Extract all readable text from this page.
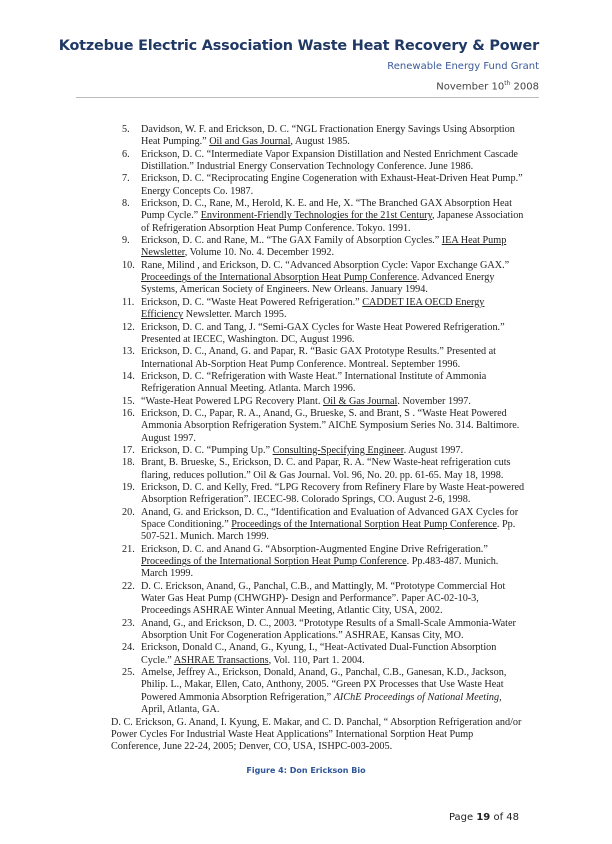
Kotzebue Electric Association Waste Heat Recovery & Power
Renewable Energy Fund Grant
November 10th 2008
5. Davidson, W. F. and Erickson, D. C. “NGL Fractionation Energy Savings Using Absorption Heat Pumping.” Oil and Gas Journal, August 1985.
6. Erickson, D. C. “Intermediate Vapor Expansion Distillation and Nested Enrichment Cascade Distillation.” Industrial Energy Conservation Technology Conference. June 1986.
7. Erickson, D. C. “Reciprocating Engine Cogeneration with Exhaust-Heat-Driven Heat Pump.” Energy Concepts Co. 1987.
8. Erickson, D. C., Rane, M., Herold, K. E. and He, X. “The Branched GAX Absorption Heat Pump Cycle.” Environment-Friendly Technologies for the 21st Century, Japanese Association of Refrigeration Absorption Heat Pump Conference. Tokyo. 1991.
9. Erickson, D. C. and Rane, M.. “The GAX Family of Absorption Cycles.” IEA Heat Pump Newsletter, Volume 10. No. 4. December 1992.
10. Rane, Milind , and Erickson, D. C. “Advanced Absorption Cycle: Vapor Exchange GAX.” Proceedings of the International Absorption Heat Pump Conference. Advanced Energy Systems, American Society of Engineers. New Orleans. January 1994.
11. Erickson, D. C. “Waste Heat Powered Refrigeration.” CADDET IEA OECD Energy Efficiency Newsletter. March 1995.
12. Erickson, D. C. and Tang, J. “Semi-GAX Cycles for Waste Heat Powered Refrigeration.” Presented at IECEC, Washington. DC, August 1996.
13. Erickson, D. C., Anand, G. and Papar, R. “Basic GAX Prototype Results.” Presented at International Ab-Sorption Heat Pump Conference. Montreal. September 1996.
14. Erickson, D. C. “Refrigeration with Waste Heat.” International Institute of Ammonia Refrigeration Annual Meeting. Atlanta. March 1996.
15. “Waste-Heat Powered LPG Recovery Plant. Oil & Gas Journal. November 1997.
16. Erickson, D. C., Papar, R. A., Anand, G., Brueske, S. and Brant, S . “Waste Heat Powered Ammonia Absorption Refrigeration System.” AIChE Symposium Series No. 314. Baltimore. August 1997.
17. Erickson, D. C. “Pumping Up.” Consulting-Specifying Engineer. August 1997.
18. Brant, B. Brueske, S., Erickson, D. C. and Papar, R. A. “New Waste-heat refrigeration cuts flaring, reduces pollution.” Oil & Gas Journal. Vol. 96, No. 20. pp. 61-65. May 18, 1998.
19. Erickson, D. C. and Kelly, Fred. “LPG Recovery from Refinery Flare by Waste Heat-powered Absorption Refrigeration”. IECEC-98. Colorado Springs, CO. August 2-6, 1998.
20. Anand, G. and Erickson, D. C., “Identification and Evaluation of Advanced GAX Cycles for Space Conditioning.” Proceedings of the International Sorption Heat Pump Conference. Pp. 507-521. Munich. March 1999.
21. Erickson, D. C. and Anand G. “Absorption-Augmented Engine Drive Refrigeration.” Proceedings of the International Sorption Heat Pump Conference. Pp.483-487. Munich. March 1999.
22. D. C. Erickson, Anand, G., Panchal, C.B., and Mattingly, M. “Prototype Commercial Hot Water Gas Heat Pump (CHWGHP)- Design and Performance”. Paper AC-02-10-3, Proceedings ASHRAE Winter Annual Meeting, Atlantic City, USA, 2002.
23. Anand, G., and Erickson, D. C., 2003. “Prototype Results of a Small-Scale Ammonia-Water Absorption Unit For Cogeneration Applications.” ASHRAE, Kansas City, MO.
24. Erickson, Donald C., Anand, G., Kyung, I., “Heat-Activated Dual-Function Absorption Cycle.” ASHRAE Transactions, Vol. 110, Part 1. 2004.
25. Amelse, Jeffrey A., Erickson, Donald, Anand, G., Panchal, C.B., Ganesan, K.D., Jackson, Philip. L., Makar, Ellen, Cato, Anthony, 2005. “Green PX Processes that Use Waste Heat Powered Ammonia Absorption Refrigeration,” AIChE Proceedings of National Meeting, April, Atlanta, GA.
D. C. Erickson, G. Anand, I. Kyung, E. Makar, and C. D. Panchal, “ Absorption Refrigeration and/or Power Cycles For Industrial Waste Heat Applications” International Sorption Heat Pump Conference, June 22-24, 2005; Denver, CO, USA, ISHPC-003-2005.
Figure 4: Don Erickson Bio
Page 19 of 48
